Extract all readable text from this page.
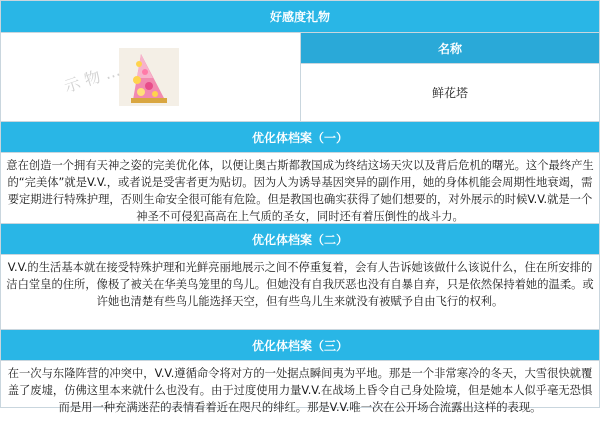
好感度礼物
示 物 ...
名称
鲜花塔
优化体档案（一）
意在创造一个拥有天神之姿的完美优化体，以便让奥古斯都教国成为终结这场天灾以及背后危机的曙光。这个最终产生的“完美体”就是V.V.，或者说是受害者更为贴切。因为人为诱导基因突异的副作用，她的身体机能会周期性地衰竭，需要定期进行特殊护理，否则生命安全很可能有危险。但是教国也确实获得了她们想要的，对外展示的时候V.V.就是一个神圣不可侵犯高高在上气质的圣女，同时还有着压倒性的战斗力。
优化体档案（二）
V.V.的生活基本就在接受特殊护理和光鲜亮丽地展示之间不停重复着，会有人告诉她该做什么该说什么，住在所安排的洁白堂皇的住所，像极了被关在华美鸟笼里的鸟儿。但她没有自我厌恶也没有自暴自弃，只是依然保持着她的温柔。或许她也清楚有些鸟儿能选择天空，但有些鸟儿生来就没有被赋予自由飞行的权利。
优化体档案（三）
在一次与东隆阵营的冲突中，V.V.遵循命令将对方的一处据点瞬间夷为平地。那是一个非常寒冷的冬天，大雪很快就覆盖了废墟，仿佛这里本来就什么也没有。由于过度使用力量V.V.在战场上昏令自己身处险境，但是她本人似乎毫无恐惧而是用一种充满迷茫的表情看着近在咫尺的绯红。那是V.V.唯一次在公开场合流露出这样的表现。
